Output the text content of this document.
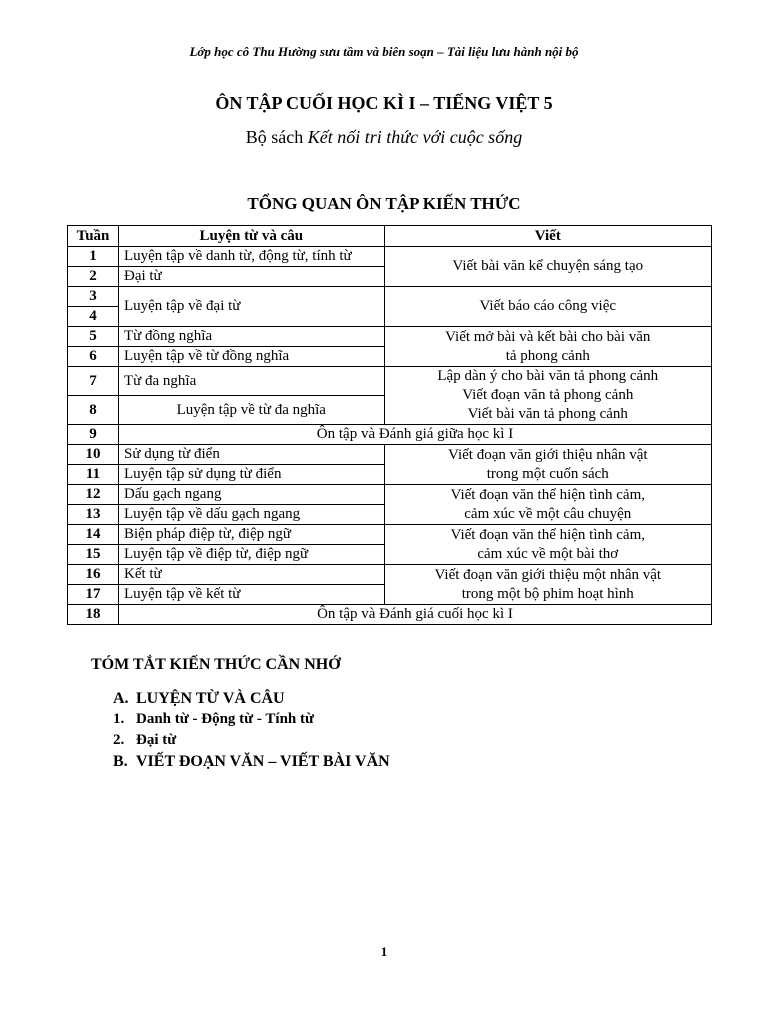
Lớp học cô Thu Hường sưu tầm và biên soạn – Tài liệu lưu hành nội bộ
ÔN TẬP CUỐI HỌC KÌ I – TIẾNG VIỆT 5
Bộ sách Kết nối tri thức với cuộc sống
TỔNG QUAN ÔN TẬP KIẾN THỨC
Tuần	Luyện từ và câu	Viết
1	Luyện tập về danh từ, động từ, tính từ	Viết bài văn kể chuyện sáng tạo
2	Đại từ	
3	Luyện tập về đại từ	Viết báo cáo công việc
4		
5	Từ đồng nghĩa	Viết mở bài và kết bài cho bài văn
tả phong cảnh

6	Luyện tập về từ đồng nghĩa	
7	Từ đa nghĩa	Lập dàn ý cho bài văn tả phong cảnh
Viết đoạn văn tả phong cảnh
Viết bài văn tả phong cảnh

8	Luyện tập về từ đa nghĩa	
9	Ôn tập và Đánh giá giữa học kì I	
10	Sử dụng từ điển	Viết đoạn văn giới thiệu nhân vật
trong một cuốn sách

11	Luyện tập sử dụng từ điển	
12	Dấu gạch ngang	Viết đoạn văn thể hiện tình cảm,
cảm xúc về một câu chuyện

13	Luyện tập về dấu gạch ngang	
14	Biện pháp điệp từ, điệp ngữ	Viết đoạn văn thể hiện tình cảm,
cảm xúc về một bài thơ

15	Luyện tập về điệp từ, điệp ngữ	
16	Kết từ	Viết đoạn văn giới thiệu một nhân vật
trong một bộ phim hoạt hình

17	Luyện tập về kết từ	
18	Ôn tập và Đánh giá cuối học kì I	
TÓM TẮT KIẾN THỨC CẦN NHỚ
A. LUYỆN TỪ VÀ CÂU
1. Danh từ - Động từ - Tính từ
2. Đại từ
B. VIẾT ĐOẠN VĂN – VIẾT BÀI VĂN
1
